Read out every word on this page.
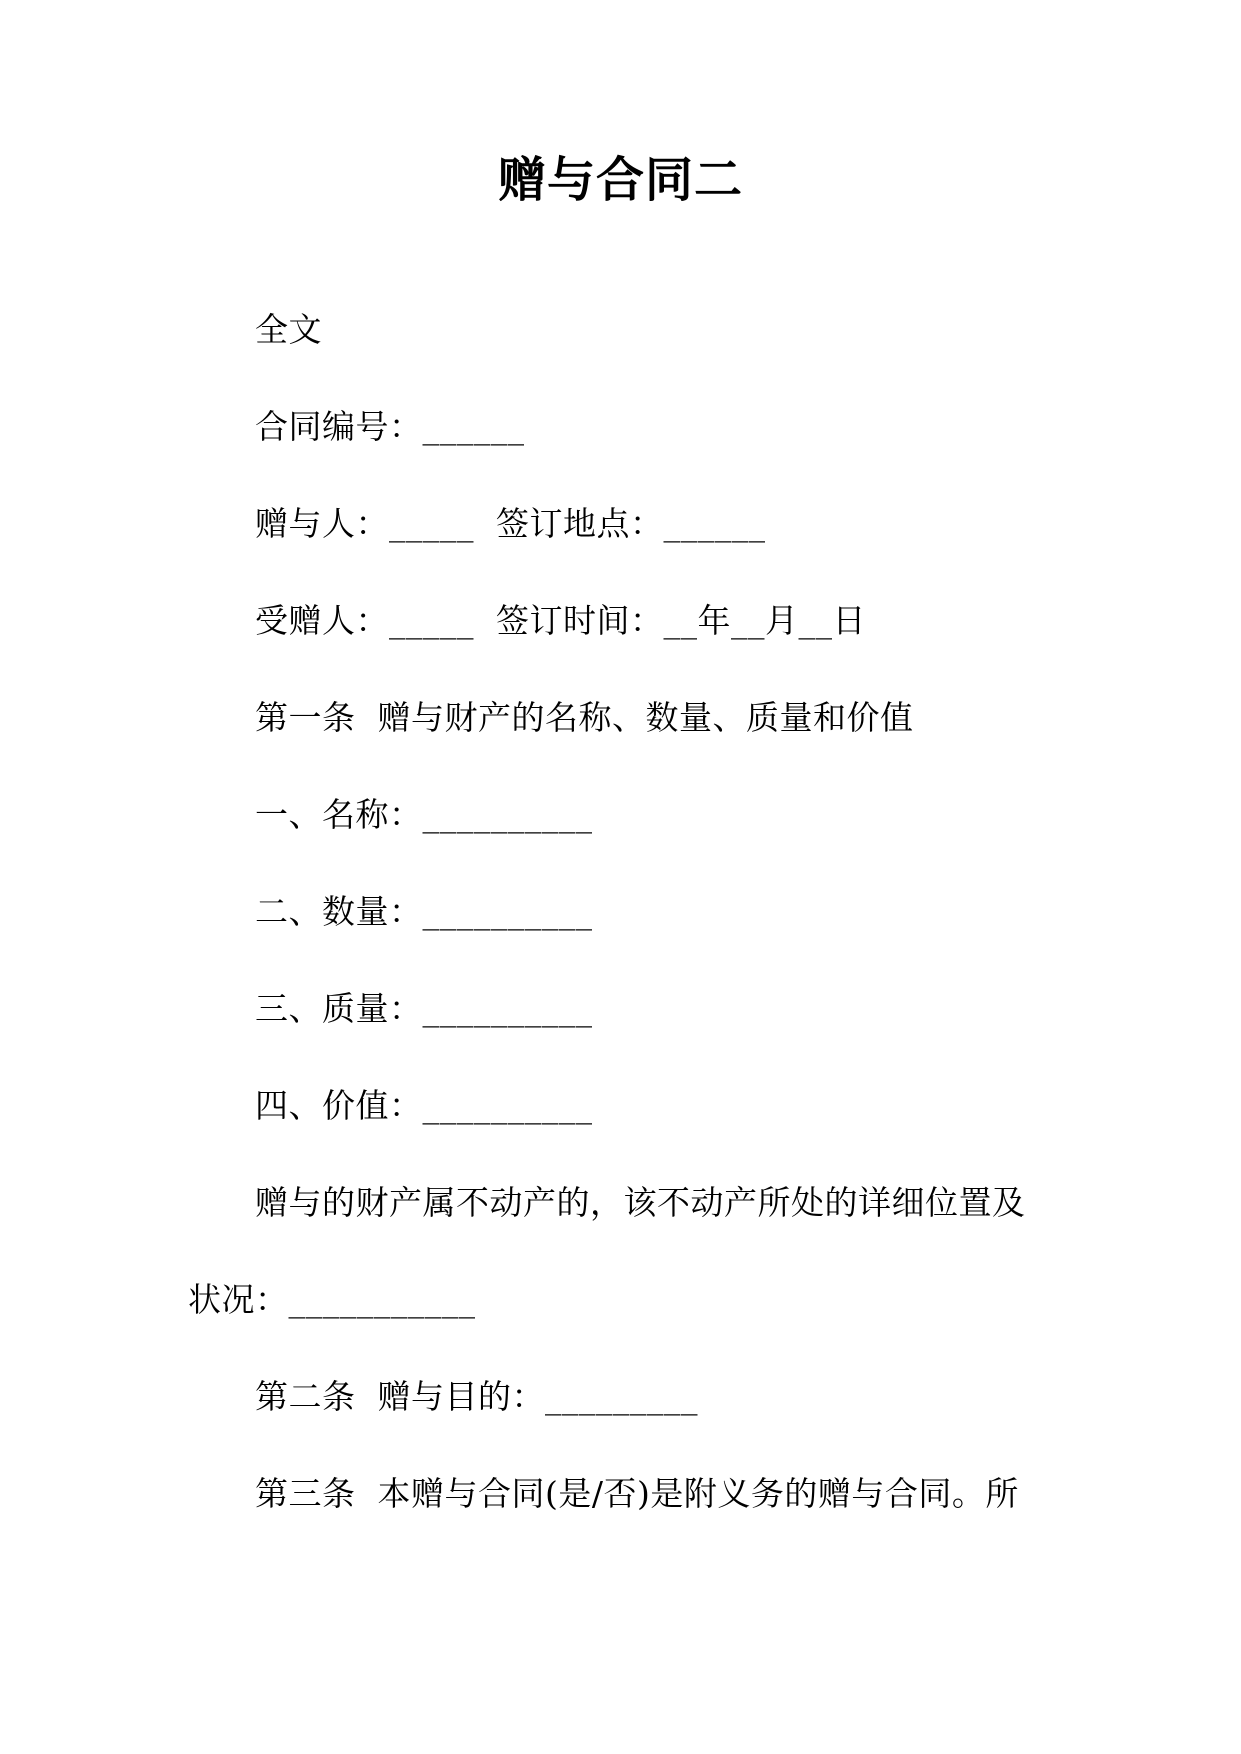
赠与合同二
全文
合同编号：______
赠与人：_____  签订地点：______
受赠人：_____  签订时间：__年__月__日
第一条  赠与财产的名称、数量、质量和价值
一、名称：__________
二、数量：__________
三、质量：__________
四、价值：__________
赠与的财产属不动产的，该不动产所处的详细位置及
状况：___________
第二条  赠与目的：_________
第三条  本赠与合同(是/否)是附义务的赠与合同。所
